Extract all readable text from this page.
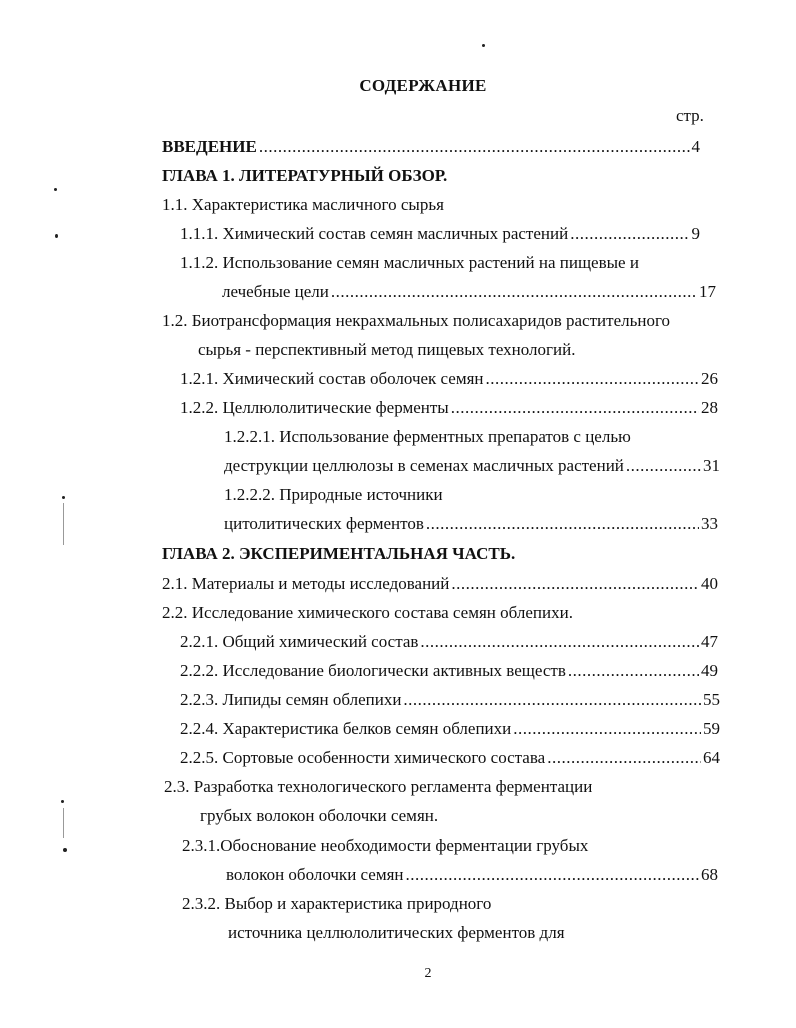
СОДЕРЖАНИЕ
стр.
ВВЕДЕНИЕ .....	4
ГЛАВА 1. ЛИТЕРАТУРНЫЙ ОБЗОР.
1.1. Характеристика масличного сырья
1.1.1. Химический состав семян масличных растений .....	9
1.1.2. Использование семян масличных растений на пищевые и
лечебные цели .....	17
1.2. Биотрансформация некрахмальных полисахаридов растительного
сырья - перспективный метод пищевых технологий.
1.2.1. Химический состав оболочек семян .....	26
1.2.2. Целлюлолитические ферменты .....	28
1.2.2.1. Использование ферментных препаратов с целью
деструкции целлюлозы в семенах масличных растений .....	31
1.2.2.2. Природные источники
цитолитических ферментов .....	33
ГЛАВА 2. ЭКСПЕРИМЕНТАЛЬНАЯ ЧАСТЬ.
2.1. Материалы и методы исследований .....	40
2.2. Исследование химического состава семян облепихи.
2.2.1. Общий химический состав .....	47
2.2.2. Исследование биологически активных веществ .....	49
2.2.3. Липиды семян облепихи .....	55
2.2.4. Характеристика белков семян облепихи .....	59
2.2.5. Сортовые особенности химического состава .....	64
2.3. Разработка технологического регламента ферментации
грубых волокон оболочки семян.
2.3.1.Обоснование необходимости ферментации грубых
волокон оболочки семян .....	68
2.3.2. Выбор и характеристика природного
источника целлюлолитических ферментов для
2
